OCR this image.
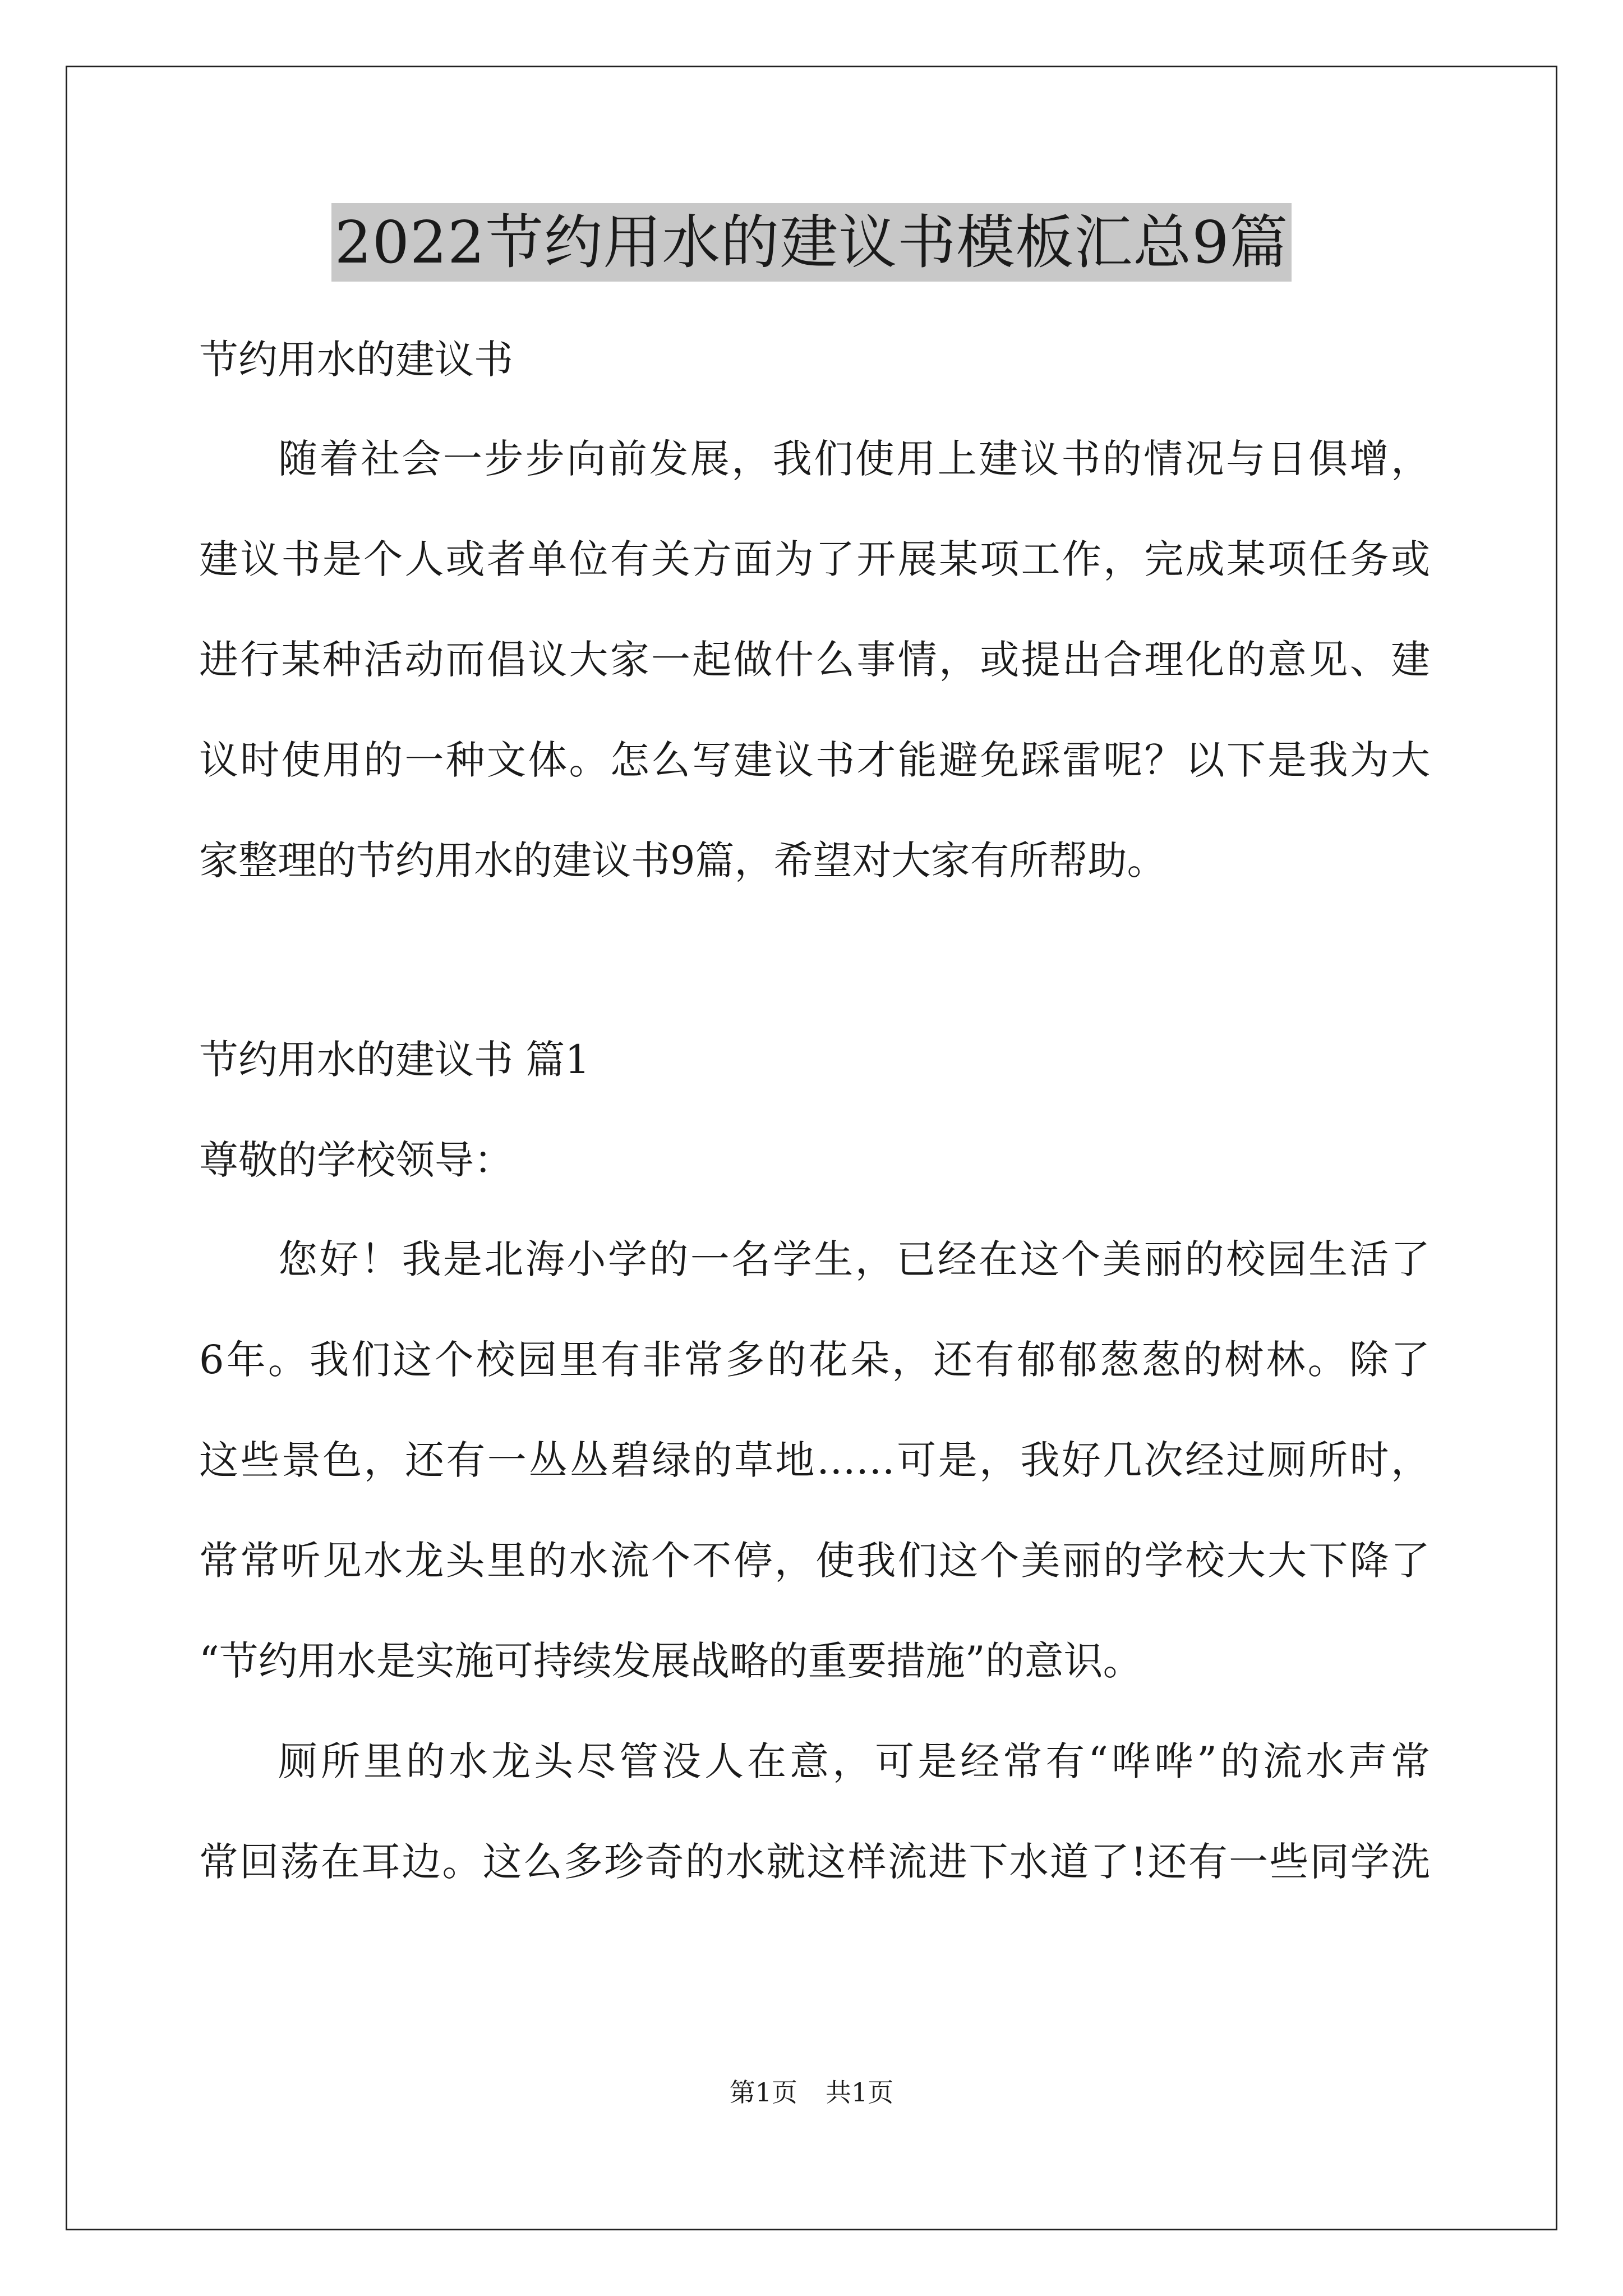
2022节约用水的建议书模板汇总9篇
节约用水的建议书
随着社会一步步向前发展，我们使用上建议书的情况与日俱增，
建议书是个人或者单位有关方面为了开展某项工作，完成某项任务或
进行某种活动而倡议大家一起做什么事情，或提出合理化的意见、建
议时使用的一种文体。怎么写建议书才能避免踩雷呢？以下是我为大
家整理的节约用水的建议书9篇，希望对大家有所帮助。
节约用水的建议书 篇1
尊敬的学校领导：
您好！我是北海小学的一名学生，已经在这个美丽的校园生活了
6年。我们这个校园里有非常多的花朵，还有郁郁葱葱的树林。除了
这些景色，还有一丛丛碧绿的草地……可是，我好几次经过厕所时，
常常听见水龙头里的水流个不停，使我们这个美丽的学校大大下降了
“节约用水是实施可持续发展战略的重要措施”的意识。
厕所里的水龙头尽管没人在意，可是经常有“哗哗”的流水声常
常回荡在耳边。这么多珍奇的水就这样流进下水道了!还有一些同学洗
第1页 共1页
